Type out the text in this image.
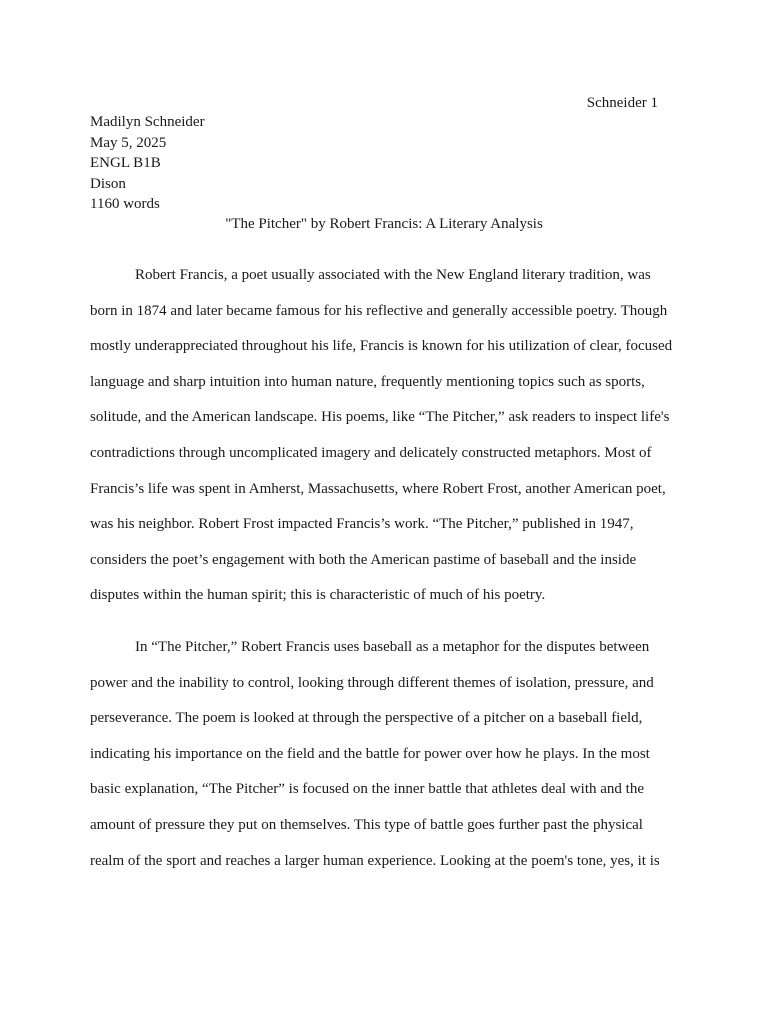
Schneider 1
Madilyn Schneider
May 5, 2025
ENGL B1B
Dison
1160 words
"The Pitcher" by Robert Francis: A Literary Analysis
Robert Francis, a poet usually associated with the New England literary tradition, was
born in 1874 and later became famous for his reflective and generally accessible poetry. Though
mostly underappreciated throughout his life, Francis is known for his utilization of clear, focused
language and sharp intuition into human nature, frequently mentioning topics such as sports,
solitude, and the American landscape. His poems, like “The Pitcher,” ask readers to inspect life's
contradictions through uncomplicated imagery and delicately constructed metaphors. Most of
Francis’s life was spent in Amherst, Massachusetts, where Robert Frost, another American poet,
was his neighbor. Robert Frost impacted Francis’s work. “The Pitcher,” published in 1947,
considers the poet’s engagement with both the American pastime of baseball and the inside
disputes within the human spirit; this is characteristic of much of his poetry.
In “The Pitcher,” Robert Francis uses baseball as a metaphor for the disputes between
power and the inability to control, looking through different themes of isolation, pressure, and
perseverance. The poem is looked at through the perspective of a pitcher on a baseball field,
indicating his importance on the field and the battle for power over how he plays. In the most
basic explanation, “The Pitcher” is focused on the inner battle that athletes deal with and the
amount of pressure they put on themselves. This type of battle goes further past the physical
realm of the sport and reaches a larger human experience. Looking at the poem's tone, yes, it is
